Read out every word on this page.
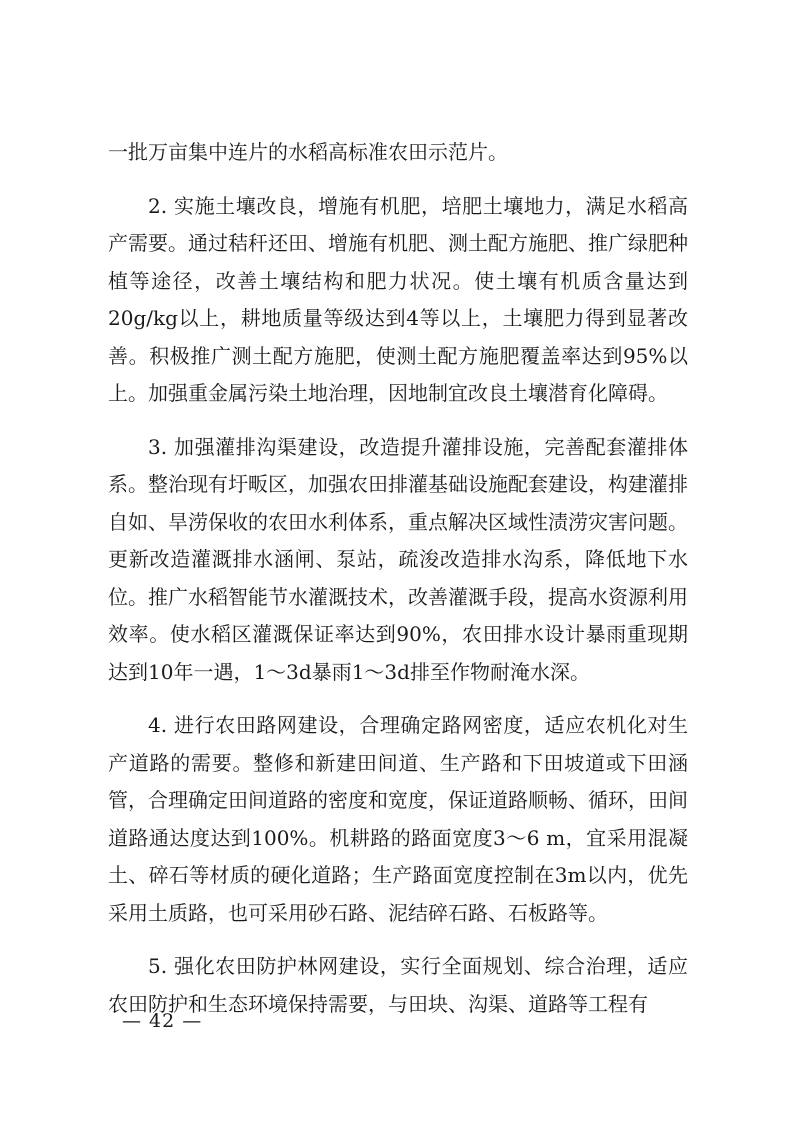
一批万亩集中连片的水稻高标准农田示范片。

2. 实施土壤改良，增施有机肥，培肥土壤地力，满足水稻高产需要。通过秸秆还田、增施有机肥、测土配方施肥、推广绿肥种植等途径，改善土壤结构和肥力状况。使土壤有机质含量达到20g/kg以上，耕地质量等级达到4等以上，土壤肥力得到显著改善。积极推广测土配方施肥，使测土配方施肥覆盖率达到95%以上。加强重金属污染土地治理，因地制宜改良土壤潜育化障碍。

3. 加强灌排沟渠建设，改造提升灌排设施，完善配套灌排体系。整治现有圩畈区，加强农田排灌基础设施配套建设，构建灌排自如、旱涝保收的农田水利体系，重点解决区域性渍涝灾害问题。更新改造灌溉排水涵闸、泵站，疏浚改造排水沟系，降低地下水位。推广水稻智能节水灌溉技术，改善灌溉手段，提高水资源利用效率。使水稻区灌溉保证率达到90%，农田排水设计暴雨重现期达到10年一遇，1～3d暴雨1～3d排至作物耐淹水深。

4. 进行农田路网建设，合理确定路网密度，适应农机化对生产道路的需要。整修和新建田间道、生产路和下田坡道或下田涵管，合理确定田间道路的密度和宽度，保证道路顺畅、循环，田间道路通达度达到100%。机耕路的路面宽度3～6 m，宜采用混凝土、碎石等材质的硬化道路；生产路面宽度控制在3m以内，优先采用土质路，也可采用砂石路、泥结碎石路、石板路等。

5. 强化农田防护林网建设，实行全面规划、综合治理，适应农田防护和生态环境保持需要，与田块、沟渠、道路等工程有

— 42 —
